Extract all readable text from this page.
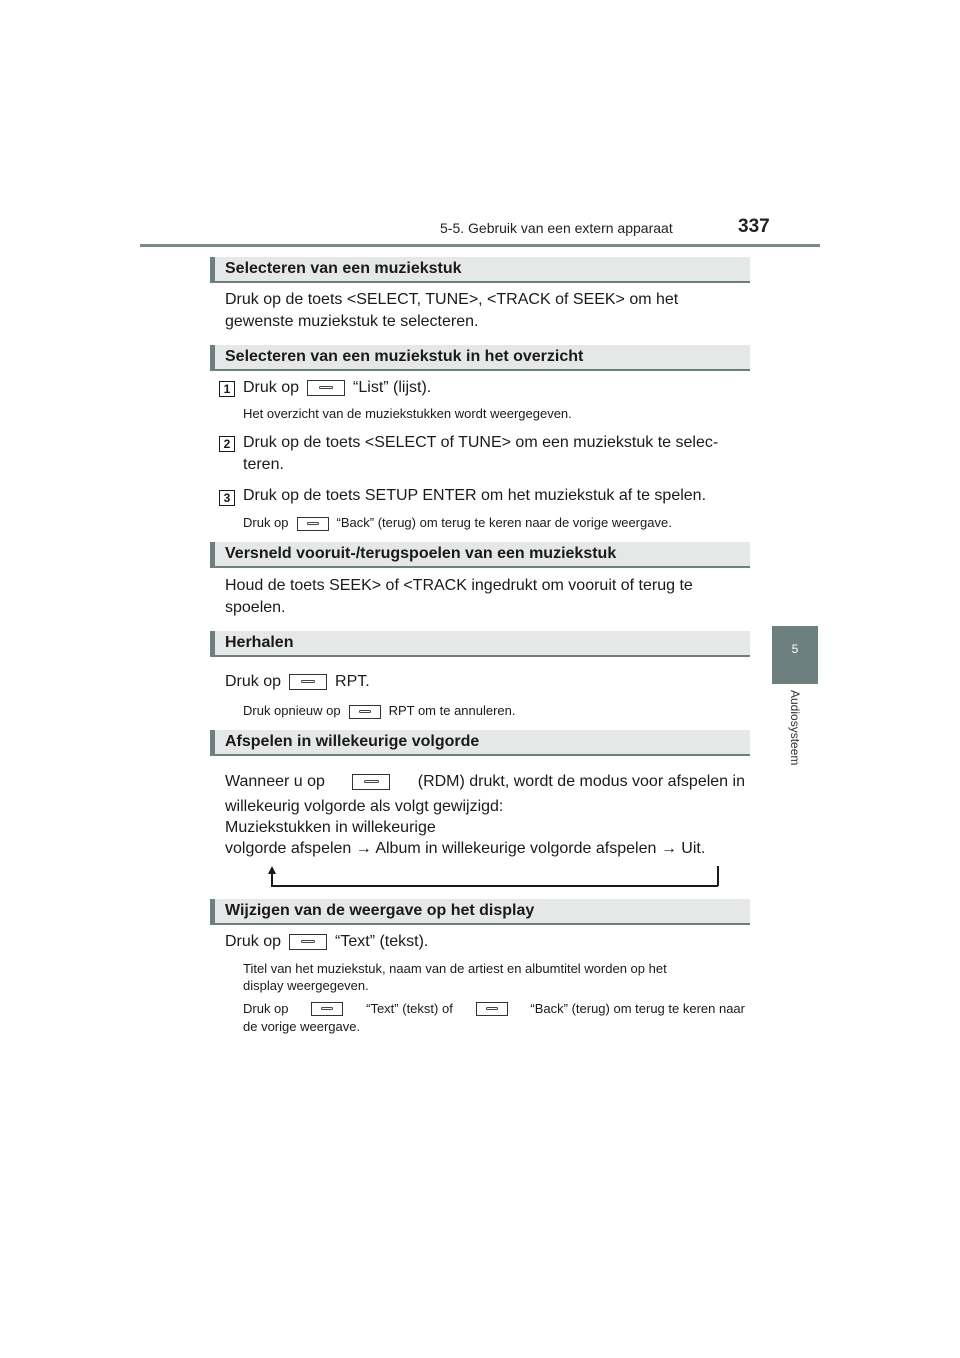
5-5. Gebruik van een extern apparaat	337
5
Audiosysteem
Selecteren van een muziekstuk
Druk op de toets <SELECT, TUNE>, <TRACK of SEEK> om het
gewenste muziekstuk te selecteren.
Selecteren van een muziekstuk in het overzicht
1 Druk op	“List” (lijst).
Het overzicht van de muziekstukken wordt weergegeven.
2 Druk op de toets <SELECT of TUNE> om een muziekstuk te selec-
teren.
3 Druk op de toets SETUP ENTER om het muziekstuk af te spelen.
Druk op	“Back” (terug) om terug te keren naar de vorige weergave.
Versneld vooruit-/terugspoelen van een muziekstuk
Houd de toets SEEK> of <TRACK ingedrukt om vooruit of terug te
spoelen.
Herhalen
Druk op	RPT.
Druk opnieuw op	RPT om te annuleren.
Afspelen in willekeurige volgorde
Wanneer u op	(RDM) drukt, wordt de modus voor afspelen in
willekeurig volgorde als volgt gewijzigd:
Muziekstukken in willekeurige
volgorde afspelen → Album in willekeurige volgorde afspelen → Uit.
Wijzigen van de weergave op het display
Druk op	“Text” (tekst).
Titel van het muziekstuk, naam van de artiest en albumtitel worden op het
display weergegeven.
Druk op	“Text” (tekst) of	“Back” (terug) om terug te keren naar
de vorige weergave.
